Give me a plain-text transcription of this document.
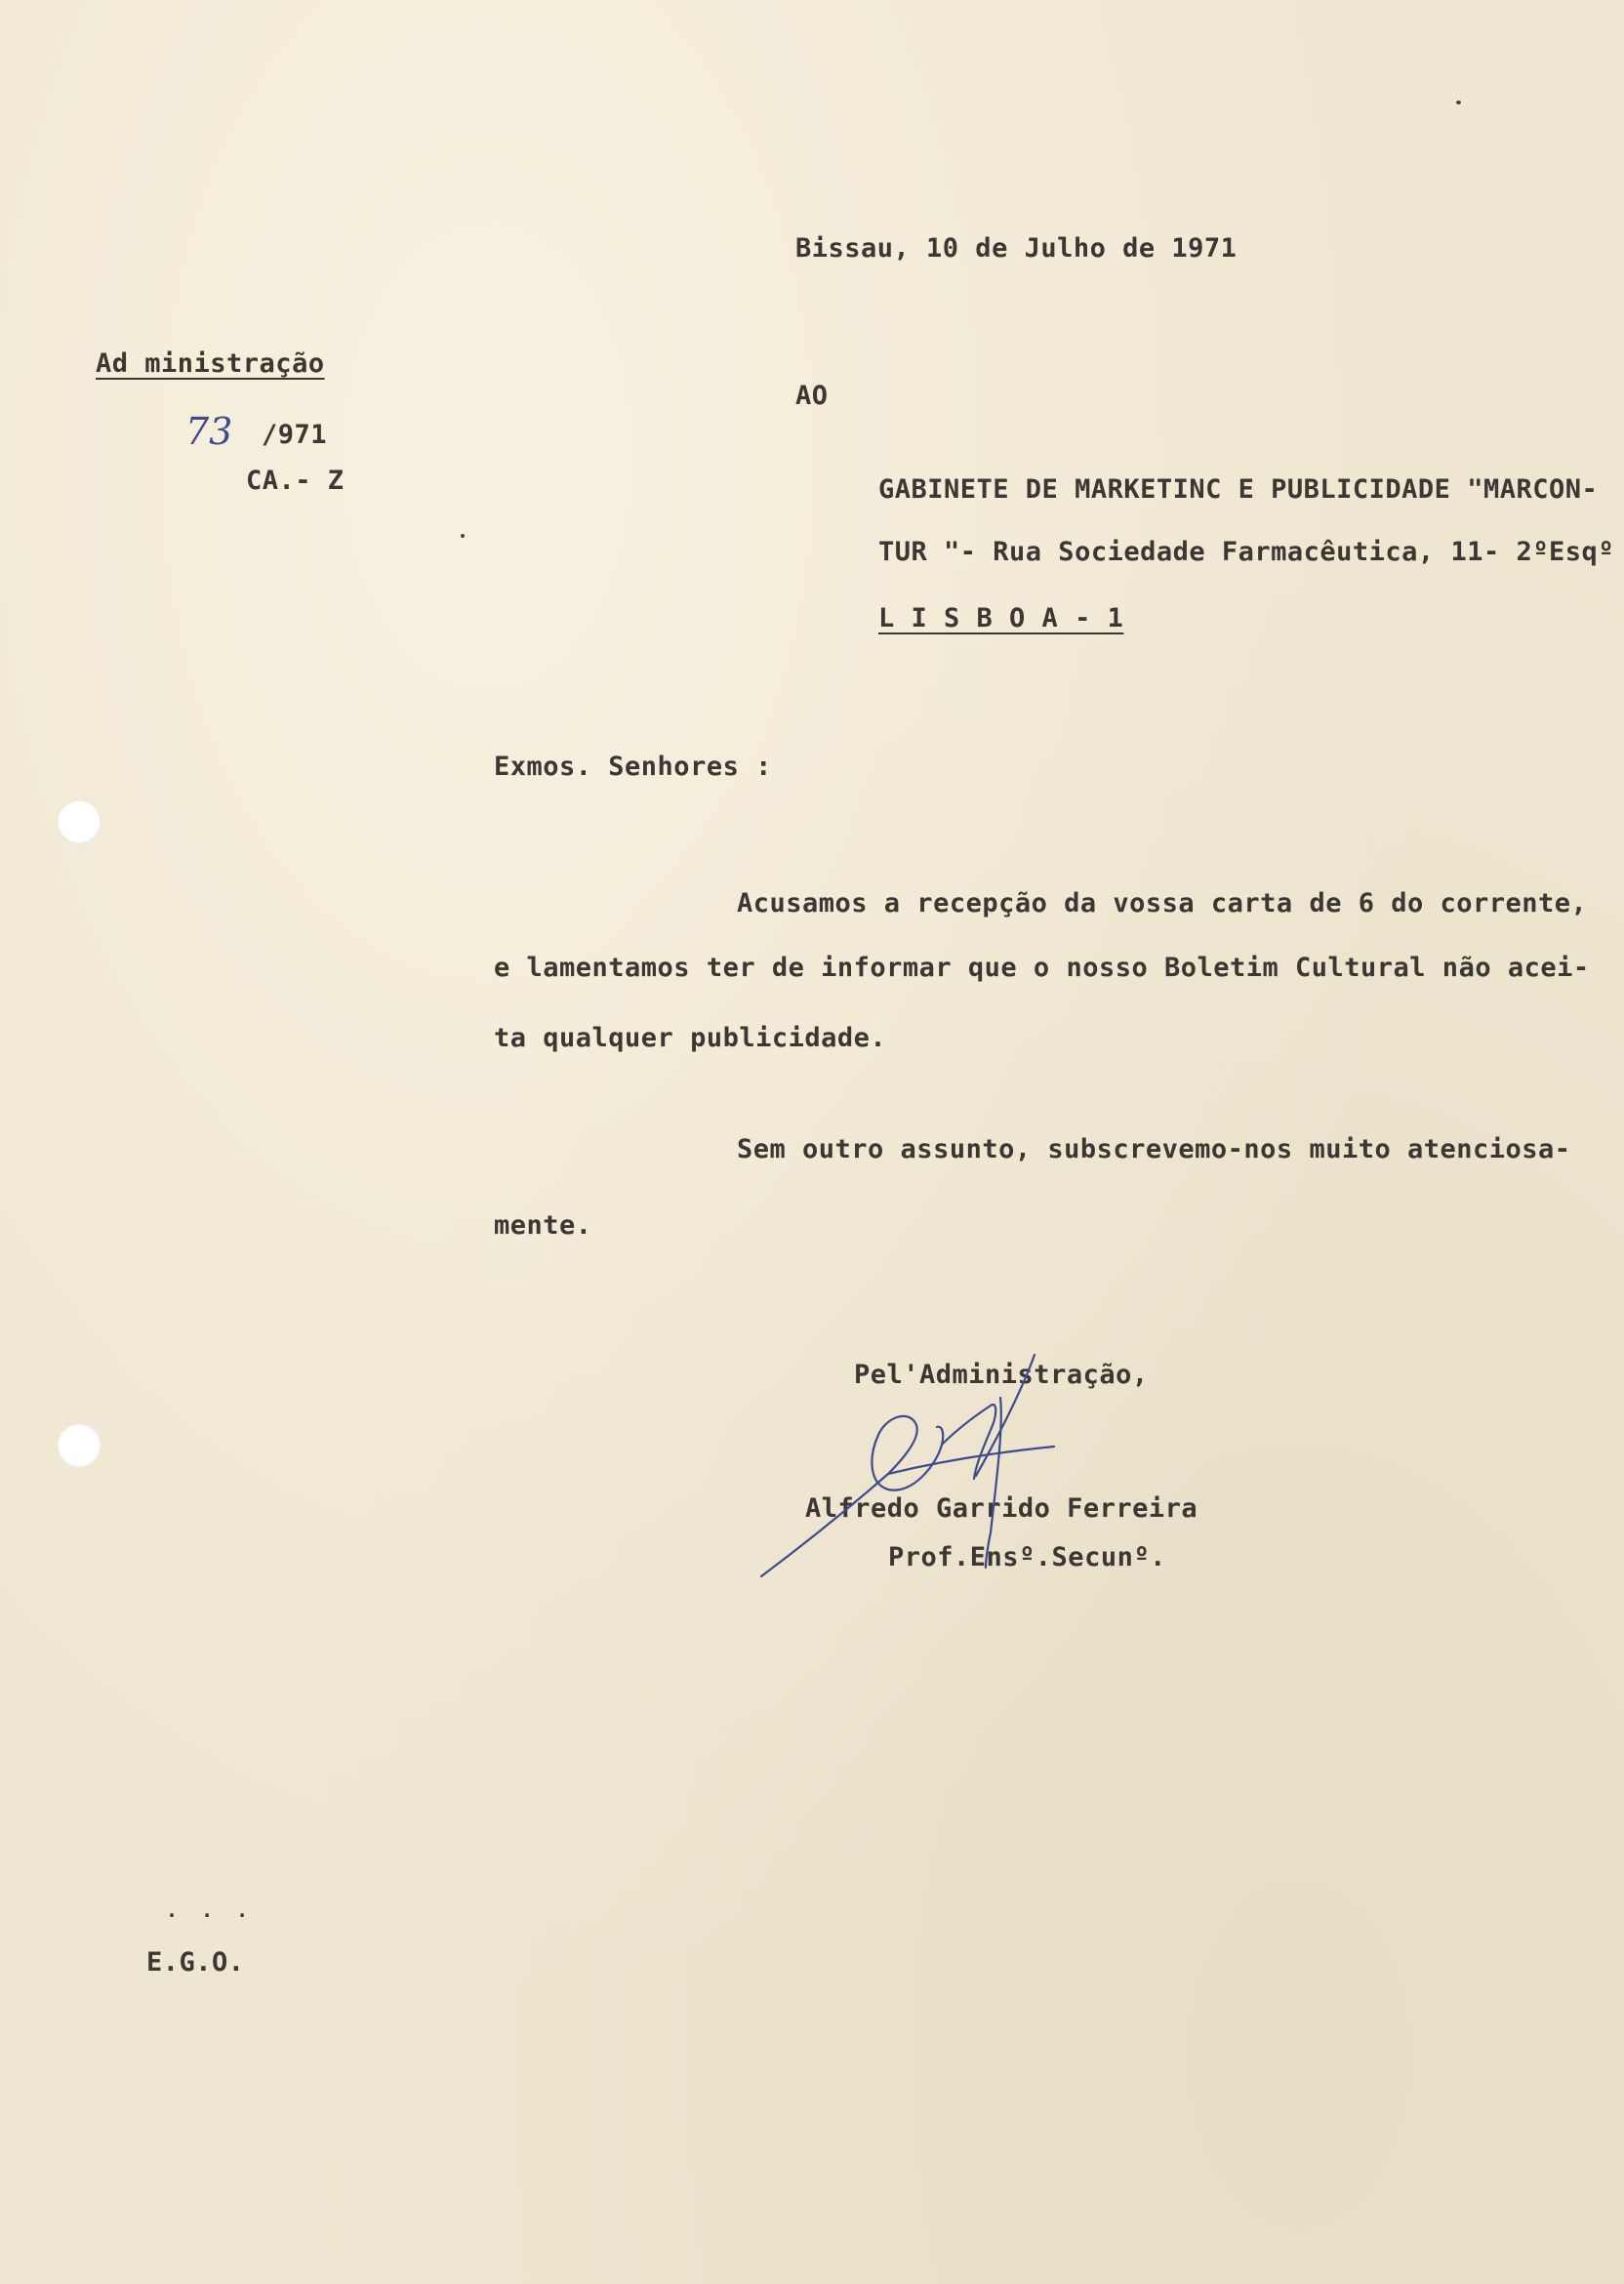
Ad ministração
73 /971
CA.- Z
Bissau, 10 de Julho de 1971
AO
GABINETE DE MARKETINC E PUBLICIDADE "MARCON-
TUR "- Rua Sociedade Farmacêutica, 11- 2ºEsqº
L I S B O A - 1
Exmos. Senhores :
Acusamos a recepção da vossa carta de 6 do corrente,
e lamentamos ter de informar que o nosso Boletim Cultural não acei-
ta qualquer publicidade.
Sem outro assunto, subscrevemo-nos muito atenciosa-
mente.
Pel'Administração,
Alfredo Garrido Ferreira
Prof.Ensº.Secunº.
. . .
E.G.O.
